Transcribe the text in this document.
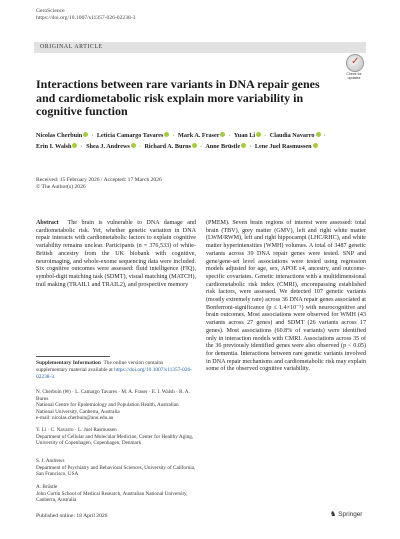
GeroScience
https://doi.org/10.1007/s11357-026-02238-3
ORIGINAL ARTICLE
✓
Check for
updates
Interactions between rare variants in DNA repair genes and cardiometabolic risk explain more variability in cognitive function
Nicolas Cherbuin · Leticia Camargo Tavares · Mark A. Fraser · Yuan Li · Claudia Navarro ·
Erin I. Walsh · Shea J. Andrews · Richard A. Burns · Anne Brüstle · Lene Juel Rasmussen
Received: 15 February 2026 / Accepted: 17 March 2026
© The Author(s) 2026
Abstract The brain is vulnerable to DNA damage and cardiometabolic risk. Yet, whether genetic variation in DNA repair interacts with cardiometabolic factors to explain cognitive variability remains unclear. Participants (n = 376,533) of white-British ancestry from the UK biobank with cognitive, neuroimaging, and whole-exome sequencing data were included. Six cognitive outcomes were assessed: fluid intelligence (FIQ), symbol-digit matching task (SDMT), visual matching (MATCH), trail making (TRAIL1 and TRAIL2), and prospective memory
(PMEM). Seven brain regions of interest were assessed: total brain (TBV), grey matter (GMV), left and right white matter (LWM/RWM), left and right hippocampi (LHC/RHC), and white matter hyperintensities (WMH) volumes. A total of 3487 genetic variants across 39 DNA repair genes were tested. SNP and gene/gene-set level associations were tested using regression models adjusted for age, sex, APOE ε4, ancestry, and outcome-specific covariates. Genetic interactions with a multidimensional cardiometabolic risk index (CMRI), encompassing established risk factors, were assessed. We detected 107 genetic variants (mostly extremely rare) across 36 DNA repair genes associated at Bonferroni-significance (p ≤ 1.4×10⁻⁵) with neurocognitive and brain outcomes. Most associations were observed for WMH (43 variants across 27 genes) and SDMT (26 variants across 17 genes). Most associations (60.8% of variants) were identified only in interaction models with CMRI. Associations across 35 of the 36 previously identified genes were also observed (p < 0.05) for dementia. Interactions between rare genetic variants involved in DNA repair mechanisms and cardiometabolic risk may explain some of the observed cognitive variability.
Supplementary Information The online version contains supplementary material available at https://doi.org/10.1007/s11357-026-02238-3.
N. Cherbuin (✉) · L. Camargo Tavares · M. A. Fraser · E. I. Walsh · R. A. Burns
National Centre for Epidemiology and Population Health, Australian National University, Canberra, Australia
e-mail: nicolas.cherbuin@anu.edu.au
Y. Li · C. Navarro · L. Juel Rasmussen
Department of Cellular and Molecular Medicine, Center for Healthy Aging, University of Copenhagen, Copenhagen, Denmark
S. J. Andrews
Department of Psychiatry and Behavioral Sciences, University of California, San Francisco, USA
A. Brüstle
John Curtin School of Medical Research, Australian National University, Canberra, Australia
Published online: 18 April 2026	♞ Springer
